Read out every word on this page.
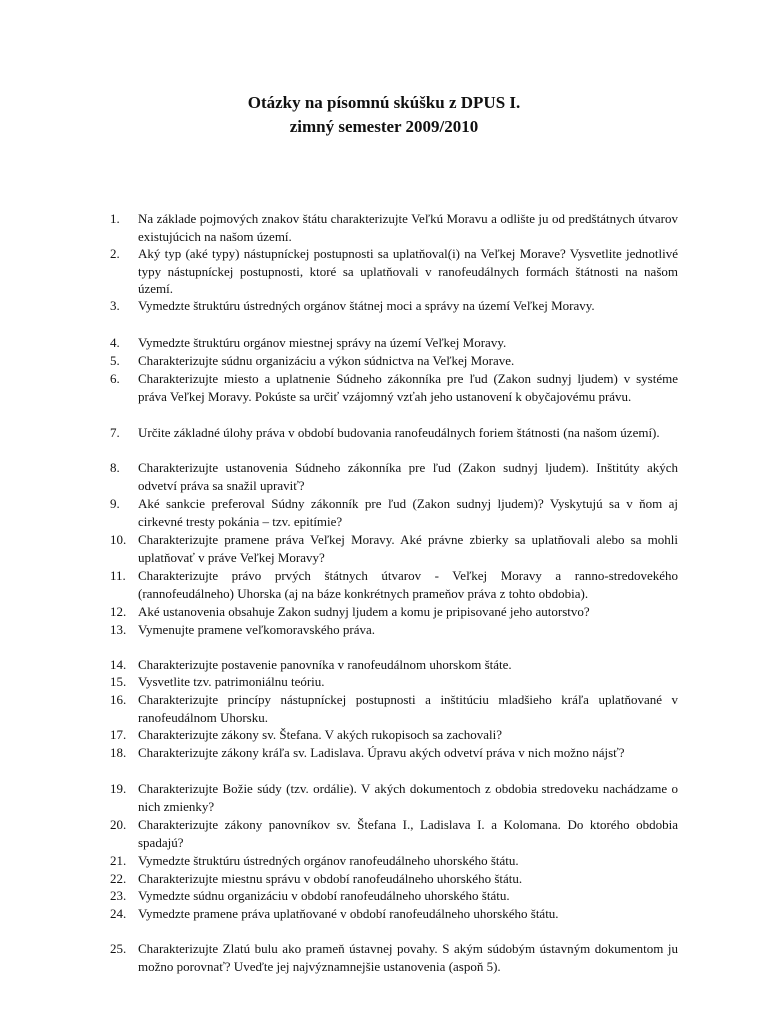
Otázky na písomnú skúšku z DPUS I.
zimný semester 2009/2010
1.	Na základe pojmových znakov štátu charakterizujte Veľkú Moravu a odlište ju od predštátnych útvarov existujúcich na našom území.
2.	Aký typ (aké typy) nástupníckej postupnosti sa uplatňoval(i) na Veľkej Morave? Vysvetlite jednotlivé typy nástupníckej postupnosti, ktoré sa uplatňovali v ranofeudálnych formách štátnosti na našom území.
3.	Vymedzte štruktúru ústredných orgánov štátnej moci a správy na území Veľkej Moravy.
4.	Vymedzte štruktúru orgánov miestnej správy na území Veľkej Moravy.
5.	Charakterizujte súdnu organizáciu a výkon súdnictva na Veľkej Morave.
6.	Charakterizujte miesto a uplatnenie Súdneho zákonníka pre ľud (Zakon sudnyj ljudem) v systéme práva Veľkej Moravy. Pokúste sa určiť vzájomný vzťah jeho ustanovení k obyčajovému právu.
7.	Určite základné úlohy práva v období budovania ranofeudálnych foriem štátnosti (na našom území).
8.	Charakterizujte ustanovenia Súdneho zákonníka pre ľud (Zakon sudnyj ljudem). Inštitúty akých odvetví práva sa snažil upraviť?
9.	Aké sankcie preferoval Súdny zákonník pre ľud (Zakon sudnyj ljudem)? Vyskytujú sa v ňom aj cirkevné tresty pokánia – tzv. epitímie?
10. Charakterizujte pramene práva Veľkej Moravy. Aké právne zbierky sa uplatňovali alebo sa mohli uplatňovať v práve Veľkej Moravy?
11. Charakterizujte právo prvých štátnych útvarov - Veľkej Moravy a ranno-stredovekého (rannofeudálneho) Uhorska (aj na báze konkrétnych prameňov práva z tohto obdobia).
12. Aké ustanovenia obsahuje Zakon sudnyj ljudem a komu je pripisované jeho autorstvo?
13. Vymenujte pramene veľkomoravského práva.
14. Charakterizujte postavenie panovníka v ranofeudálnom uhorskom štáte.
15. Vysvetlite tzv. patrimoniálnu teóriu.
16. Charakterizujte princípy nástupníckej postupnosti a inštitúciu mladšieho kráľa uplatňované v ranofeudálnom Uhorsku.
17. Charakterizujte zákony sv. Štefana. V akých rukopisoch sa zachovali?
18. Charakterizujte zákony kráľa sv. Ladislava. Úpravu akých odvetví práva v nich možno nájsť?
19. Charakterizujte Božie súdy (tzv. ordálie). V akých dokumentoch z obdobia stredoveku nachádzame o nich zmienky?
20. Charakterizujte zákony panovníkov sv. Štefana I., Ladislava I. a Kolomana. Do ktorého obdobia spadajú?
21. Vymedzte štruktúru ústredných orgánov ranofeudálneho uhorského štátu.
22. Charakterizujte miestnu správu v období ranofeudálneho uhorského štátu.
23. Vymedzte súdnu organizáciu v období ranofeudálneho uhorského štátu.
24. Vymedzte pramene práva uplatňované v období ranofeudálneho uhorského štátu.
25. Charakterizujte Zlatú bulu ako prameň ústavnej povahy. S akým súdobým ústavným dokumentom ju možno porovnať? Uveďte jej najvýznamnejšie ustanovenia (aspoň 5).
